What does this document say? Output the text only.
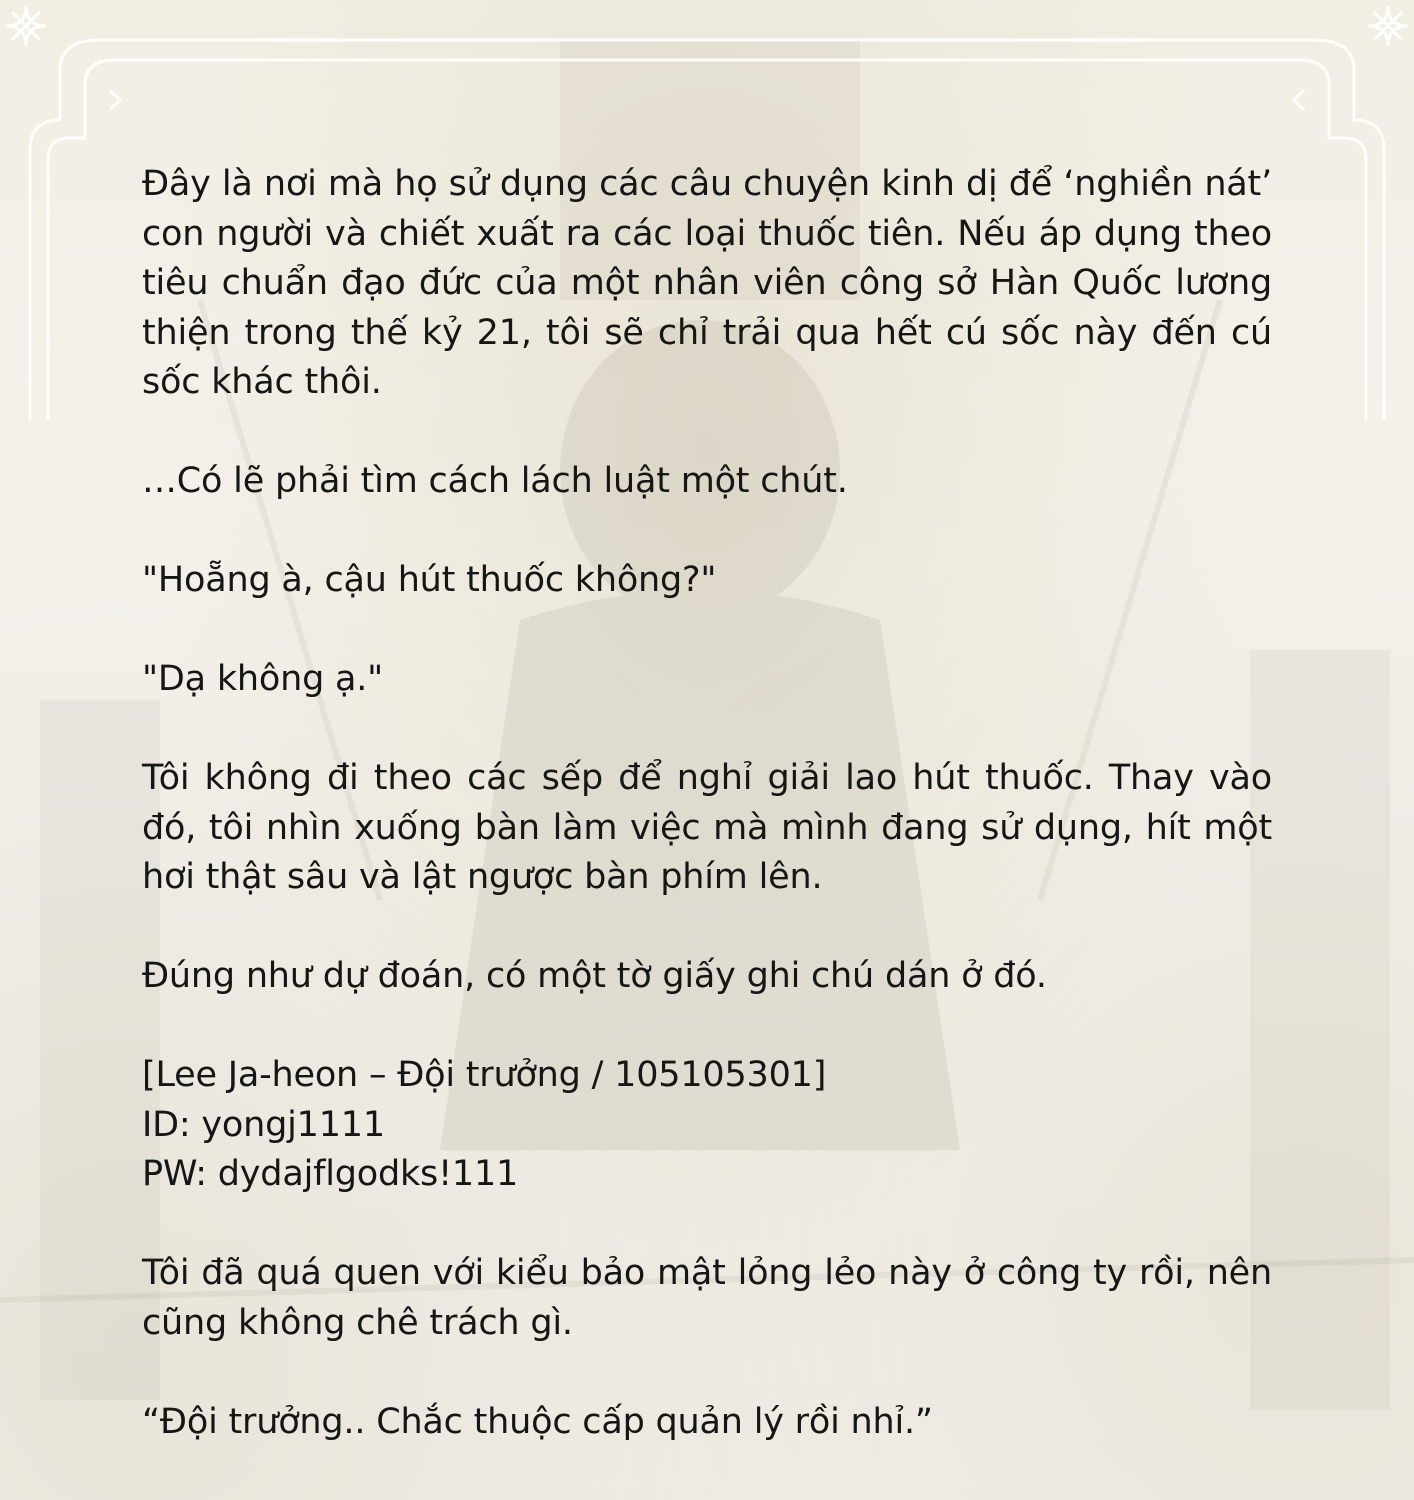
Đây là nơi mà họ sử dụng các câu chuyện kinh dị để ‘nghiền nát’ con người và chiết xuất ra các loại thuốc tiên. Nếu áp dụng theo tiêu chuẩn đạo đức của một nhân viên công sở Hàn Quốc lương thiện trong thế kỷ 21, tôi sẽ chỉ trải qua hết cú sốc này đến cú sốc khác thôi.

…Có lẽ phải tìm cách lách luật một chút.

"Hoẵng à, cậu hút thuốc không?"

"Dạ không ạ."

Tôi không đi theo các sếp để nghỉ giải lao hút thuốc. Thay vào đó, tôi nhìn xuống bàn làm việc mà mình đang sử dụng, hít một hơi thật sâu và lật ngược bàn phím lên.

Đúng như dự đoán, có một tờ giấy ghi chú dán ở đó.

[Lee Ja-heon – Đội trưởng / 105105301]
ID: yongj1111
PW: dydajflgodks!111

Tôi đã quá quen với kiểu bảo mật lỏng lẻo này ở công ty rồi, nên cũng không chê trách gì.

“Đội trưởng.. Chắc thuộc cấp quản lý rồi nhỉ.”
